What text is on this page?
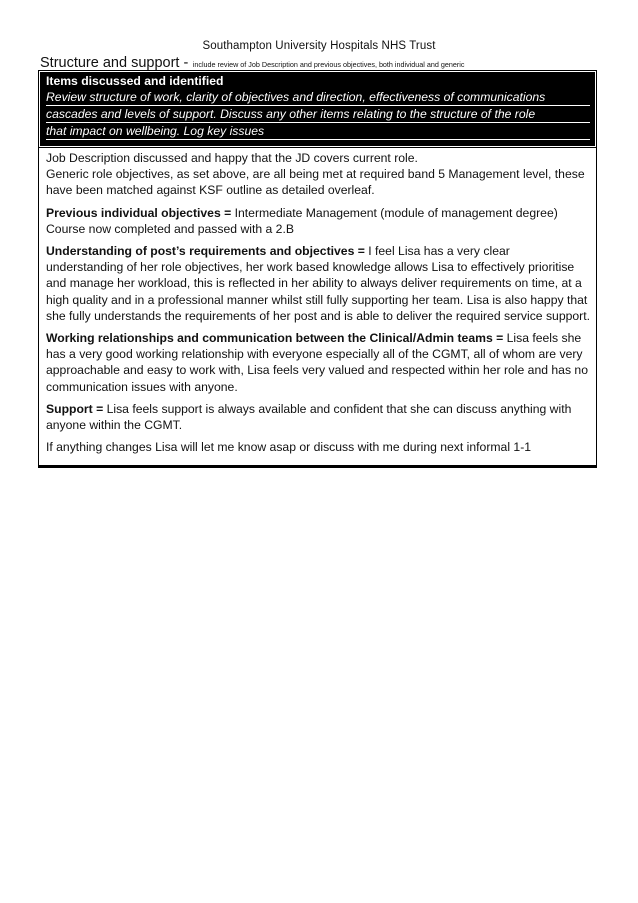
Southampton University Hospitals NHS Trust
Structure and support - include review of Job Description and previous objectives, both individual and generic
Items discussed and identified
Review structure of work, clarity of objectives and direction, effectiveness of communications
cascades and levels of support. Discuss any other items relating to the structure of the role
that impact on wellbeing. Log key issues

Job Description discussed and happy that the JD covers current role.
Generic role objectives, as set above, are all being met at required band 5 Management level, these have been matched against KSF outline as detailed overleaf.

Previous individual objectives = Intermediate Management (module of management degree) Course now completed and passed with a 2.B

Understanding of post’s requirements and objectives = I feel Lisa has a very clear understanding of her role objectives, her work based knowledge allows Lisa to effectively prioritise and manage her workload, this is reflected in her ability to always deliver requirements on time, at a high quality and in a professional manner whilst still fully supporting her team. Lisa is also happy that she fully understands the requirements of her post and is able to deliver the required service support.

Working relationships and communication between the Clinical/Admin teams = Lisa feels she has a very good working relationship with everyone especially all of the CGMT, all of whom are very approachable and easy to work with, Lisa feels very valued and respected within her role and has no communication issues with anyone.

Support = Lisa feels support is always available and confident that she can discuss anything with anyone within the CGMT.

If anything changes Lisa will let me know asap or discuss with me during next informal 1-1
